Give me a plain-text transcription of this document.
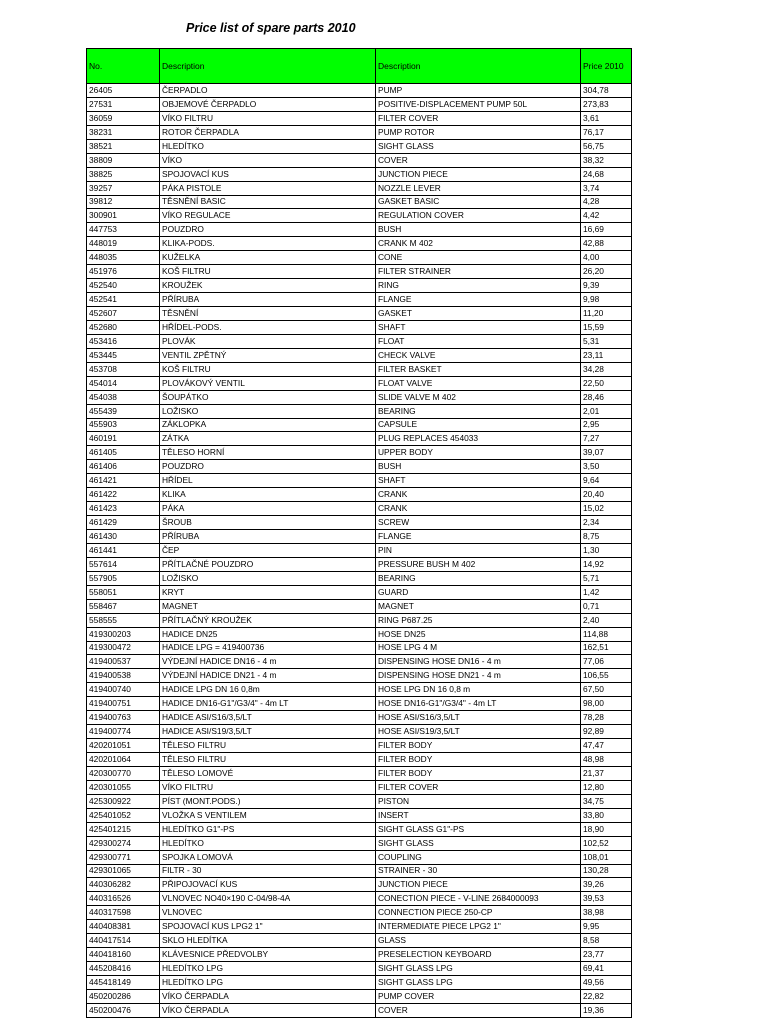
Price list of spare parts 2010
No.	Description	Description	Price 2010
26405	ČERPADLO	PUMP	304,78
27531	OBJEMOVÉ ČERPADLO	POSITIVE-DISPLACEMENT PUMP 50L	273,83
36059	VÍKO FILTRU	FILTER COVER	3,61
38231	ROTOR ČERPADLA	PUMP ROTOR	76,17
38521	HLEDÍTKO	SIGHT GLASS	56,75
38809	VÍKO	COVER	38,32
38825	SPOJOVACÍ KUS	JUNCTION PIECE	24,68
39257	PÁKA PISTOLE	NOZZLE LEVER	3,74
39812	TĚSNĚNÍ BASIC	GASKET BASIC	4,28
300901	VÍKO REGULACE	REGULATION COVER	4,42
447753	POUZDRO	BUSH	16,69
448019	KLIKA-PODS.	CRANK M 402	42,88
448035	KUŽELKA	CONE	4,00
451976	KOŠ FILTRU	FILTER STRAINER	26,20
452540	KROUŽEK	RING	9,39
452541	PŘÍRUBA	FLANGE	9,98
452607	TĚSNĚNÍ	GASKET	11,20
452680	HŘÍDEL-PODS.	SHAFT	15,59
453416	PLOVÁK	FLOAT	5,31
453445	VENTIL ZPĚTNÝ	CHECK VALVE	23,11
453708	KOŠ FILTRU	FILTER BASKET	34,28
454014	PLOVÁKOVÝ VENTIL	FLOAT VALVE	22,50
454038	ŠOUPÁTKO	SLIDE VALVE M 402	28,46
455439	LOŽISKO	BEARING	2,01
455903	ZÁKLOPKA	CAPSULE	2,95
460191	ZÁTKA	PLUG REPLACES 454033	7,27
461405	TĚLESO HORNÍ	UPPER BODY	39,07
461406	POUZDRO	BUSH	3,50
461421	HŘÍDEL	SHAFT	9,64
461422	KLIKA	CRANK	20,40
461423	PÁKA	CRANK	15,02
461429	ŠROUB	SCREW	2,34
461430	PŘÍRUBA	FLANGE	8,75
461441	ČEP	PIN	1,30
557614	PŘÍTLAČNÉ POUZDRO	PRESSURE BUSH M 402	14,92
557905	LOŽISKO	BEARING	5,71
558051	KRYT	GUARD	1,42
558467	MAGNET	MAGNET	0,71
558555	PŘÍTLAČNÝ KROUŽEK	RING P687.25	2,40
419300203	HADICE DN25	HOSE DN25	114,88
419300472	HADICE LPG = 419400736	HOSE LPG 4 M	162,51
419400537	VÝDEJNÍ HADICE DN16 - 4 m	DISPENSING HOSE DN16 - 4 m	77,06
419400538	VÝDEJNÍ HADICE DN21 - 4 m	DISPENSING HOSE DN21 - 4 m	106,55
419400740	HADICE LPG DN 16 0,8m	HOSE LPG DN 16 0,8 m	67,50
419400751	HADICE DN16-G1"/G3/4" - 4m LT	HOSE DN16-G1"/G3/4" - 4m LT	98,00
419400763	HADICE ASI/S16/3,5/LT	HOSE ASI/S16/3,5/LT	78,28
419400774	HADICE ASI/S19/3,5/LT	HOSE ASI/S19/3,5/LT	92,89
420201051	TĚLESO FILTRU	FILTER BODY	47,47
420201064	TĚLESO FILTRU	FILTER BODY	48,98
420300770	TĚLESO LOMOVÉ	FILTER BODY	21,37
420301055	VÍKO FILTRU	FILTER COVER	12,80
425300922	PÍST (MONT.PODS.)	PISTON	34,75
425401052	VLOŽKA S VENTILEM	INSERT	33,80
425401215	HLEDÍTKO G1"-PS	SIGHT GLASS G1"-PS	18,90
429300274	HLEDÍTKO	SIGHT GLASS	102,52
429300771	SPOJKA LOMOVÁ	COUPLING	108,01
429301065	FILTR - 30	STRAINER - 30	130,28
440306282	PŘIPOJOVACÍ KUS	JUNCTION PIECE	39,26
440316526	VLNOVEC NO40×190 C-04/98-4A	CONECTION PIECE - V-LINE 2684000093	39,53
440317598	VLNOVEC	CONNECTION PIECE 250-CP	38,98
440408381	SPOJOVACÍ KUS LPG2 1"	INTERMEDIATE PIECE LPG2 1"	9,95
440417514	SKLO HLEDÍTKA	GLASS	8,58
440418160	KLÁVESNICE PŘEDVOLBY	PRESELECTION KEYBOARD	23,77
445208416	HLEDÍTKO LPG	SIGHT GLASS LPG	69,41
445418149	HLEDÍTKO LPG	SIGHT GLASS LPG	49,56
450200286	VÍKO ČERPADLA	PUMP COVER	22,82
450200476	VÍKO ČERPADLA	COVER	19,36
